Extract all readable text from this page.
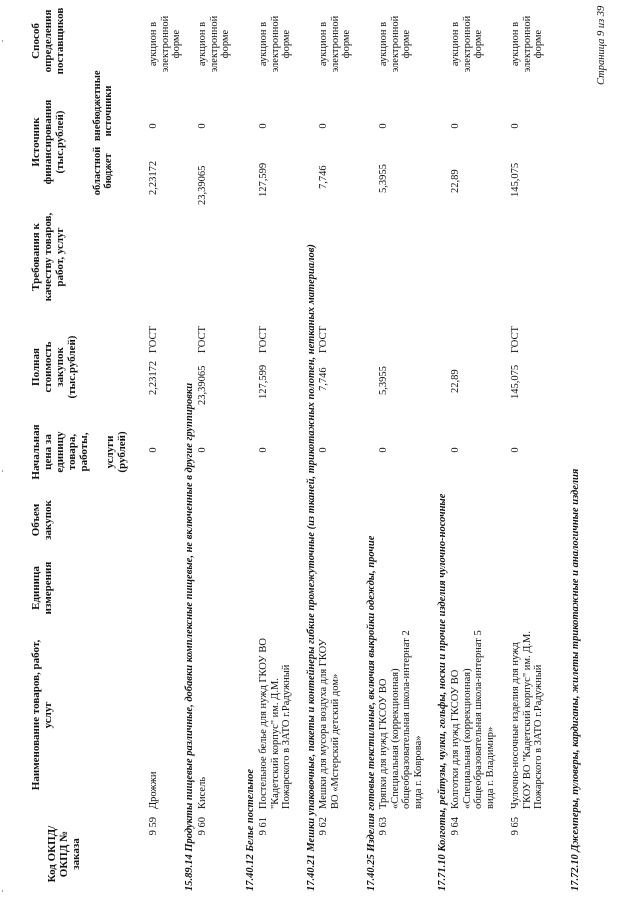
Код ОКПД/ ОКПД № заказа
Наименование товаров, работ, услуг
Единица измерения
Объем закупок
Начальная цена за единицу товара, работы, услуги (рублей)
Полная стоимость закупок (тыс.рублей)
Требования к качеству товаров, работ, услуг
Источник финансирования (тыс.рублей) областной бюджет
внебюджетные источники
Способ определения поставщиков
9 59
Дрожжи
0
2,23172
ГОСТ
2,23172
0
аукцион в электронной форме
15.89.14 Продукты пищевые различные, добавки комплексные пищевые, не включенные в другие группировки 9 60
Кисель
0
23,39065
ГОСТ
23,39065
0
аукцион в электронной форме
17.40.12 Белье постельное 9 61
Постельное белье для нужд ГКОУ ВО "Кадетский корпус" им. Д.М. Пожарского в ЗАТО г.Радужный
0
127,599
ГОСТ
127,599
0
аукцион в электронной форме
17.40.21 Мешки упаковочные, пакеты и контейнеры гибкие промежуточные (из тканей, трикотажных полотен, нетканых материалов) 9 62
Мешки для мусора воздуха для ГКОУ ВО «Мстерский детский дом»
0
7,746
ГОСТ
7,746
0
аукцион в электронной форме
17.40.25 Изделия готовые текстильные, включая выкройки одежды, прочие 9 63
Тряпки для нужд ГКСОУ ВО «Специальная (коррекционная) общеобразовательная школа-интернат 2 вида г. Коврова»
0
5,3955
5,3955
0
аукцион в электронной форме
17.71.10 Колготы, рейтузы, чулки, гольфы, носки и прочие изделия чулочно-носочные 9 64
Колготки для нужд ГКСОУ ВО «Специальная (коррекционная) общеобразовательная школа-интернат 5 вида г. Владимир»
0
22,89
22,89
0
аукцион в электронной форме
9 65
Чулочно-носочные изделия для нужд ГКОУ ВО "Кадетский корпус" им. Д.М. Пожарского в ЗАТО г.Радужный
0
145,075
ГОСТ
145,075
0
аукцион в электронной форме
17.72.10 Джемперы, пуловеры, кардиганы, жилеты трикотажные и аналогичные изделия
Страница 9 из 39
